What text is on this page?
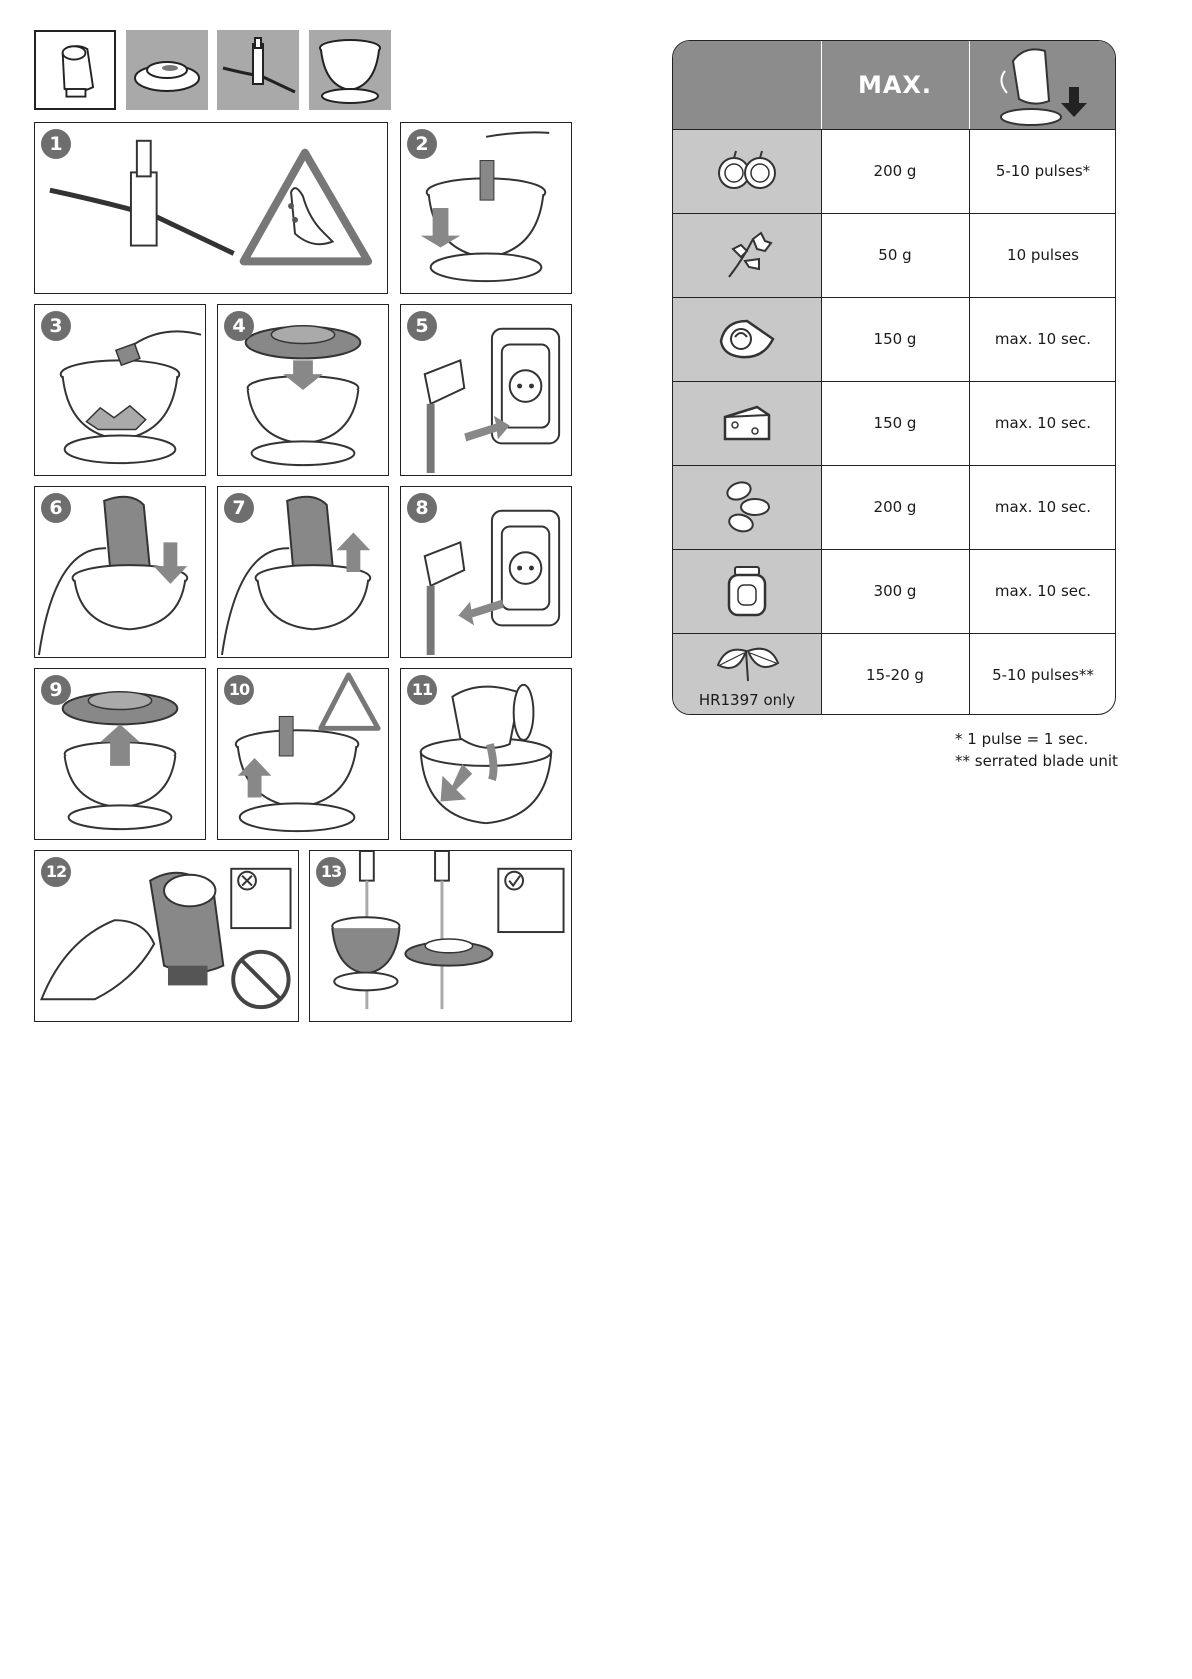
1	2
3	4	5
6	7	8
9	10	11
12	13
MAX.
200 g	5-10 pulses*
50 g	10 pulses
150 g	max. 10 sec.
150 g	max. 10 sec.
200 g	max. 10 sec.
300 g	max. 10 sec.
HR1397 only
15-20 g	5-10 pulses**
* 1 pulse = 1 sec.
** serrated blade unit
